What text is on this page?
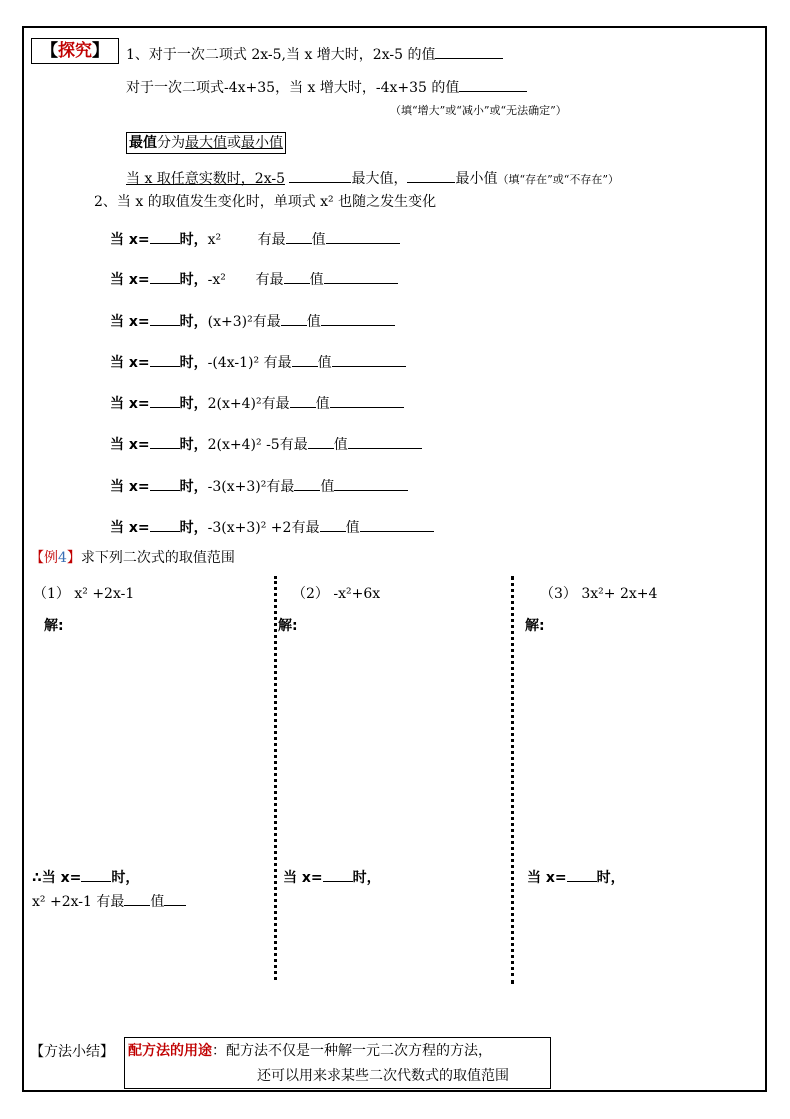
【探究】	1、对于一次二项式 2x-5,当 x 增大时，2x-5 的值
对于一次二项式-4x+35，当 x 增大时，-4x+35 的值
（填“增大”或“减小”或“无法确定”）
最值分为最大值或最小值
当 x 取任意实数时，2x-5	最大值，	最小值（填“存在”或“不存在”）
2、当 x 的取值发生变化时，单项式 x² 也随之发生变化
当 x= 时，x²	有最 值
当 x= 时，-x² 有最 值
当 x= 时，(x+3)²有最 值
当 x= 时，-(4x-1)² 有最 值
当 x= 时，2(x+4)²有最 值
当 x= 时，2(x+4)² -5有最 值
当 x= 时，-3(x+3)²有最 值
当 x= 时，-3(x+3)² +2有最 值
【例4】求下列二次式的取值范围
（1） x² +2x-1
解:
∴当 x= 时，
x² +2x-1 有最 值
（2） -x²+6x
解:
当 x= 时，
（3） 3x²+ 2x+4
解:
当 x= 时，
【方法小结】 配方法的用途：配方法不仅是一种解一元二次方程的方法，
还可以用来求某些二次代数式的取值范围
